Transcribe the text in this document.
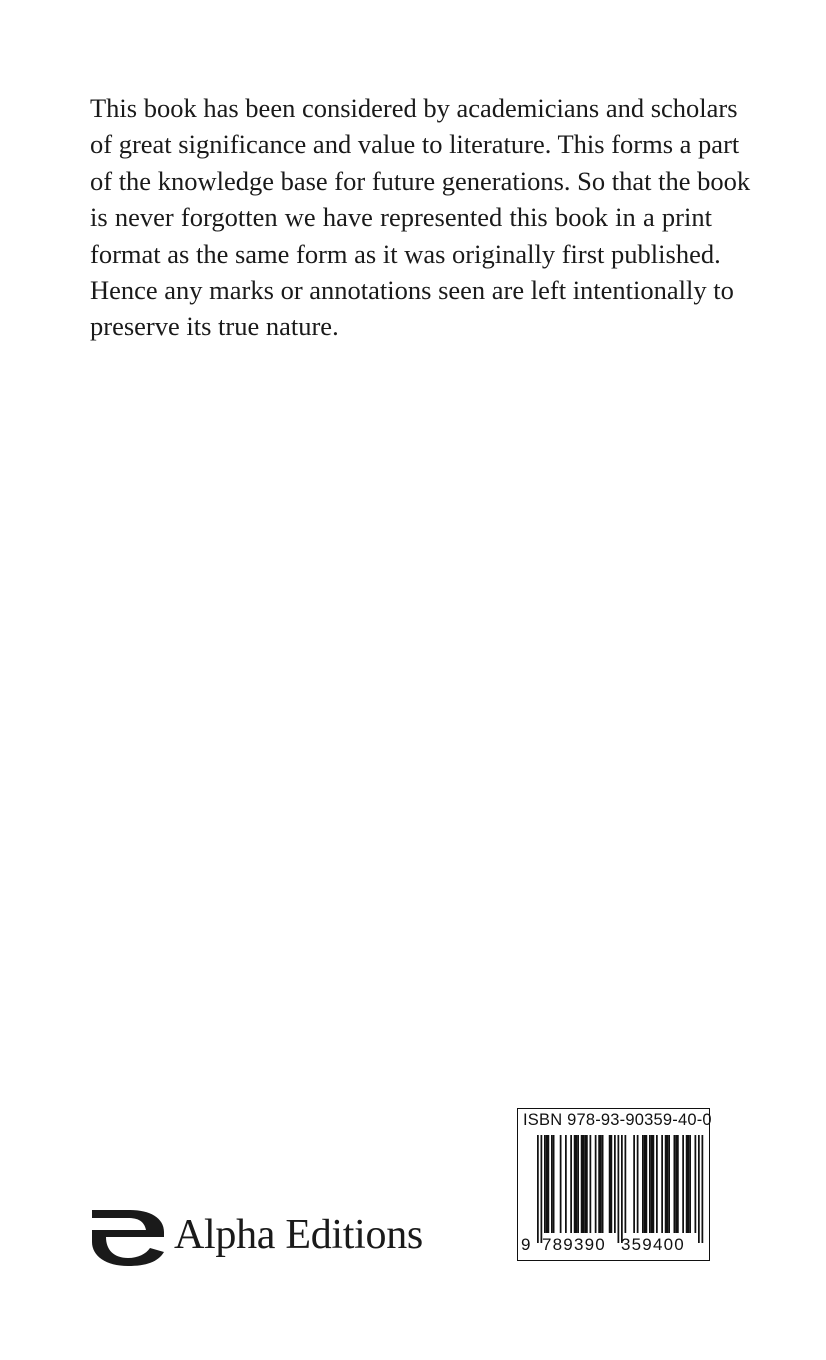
This book has been considered by academicians and scholars
of great significance and value to literature. This forms a part
of the knowledge base for future generations. So that the book
is never forgotten we have represented this book in a print
format as the same form as it was originally first published.
Hence any marks or annotations seen are left intentionally to
preserve its true nature.
Alpha Editions
ISBN 978-93-90359-40-0
9 789390 359400
